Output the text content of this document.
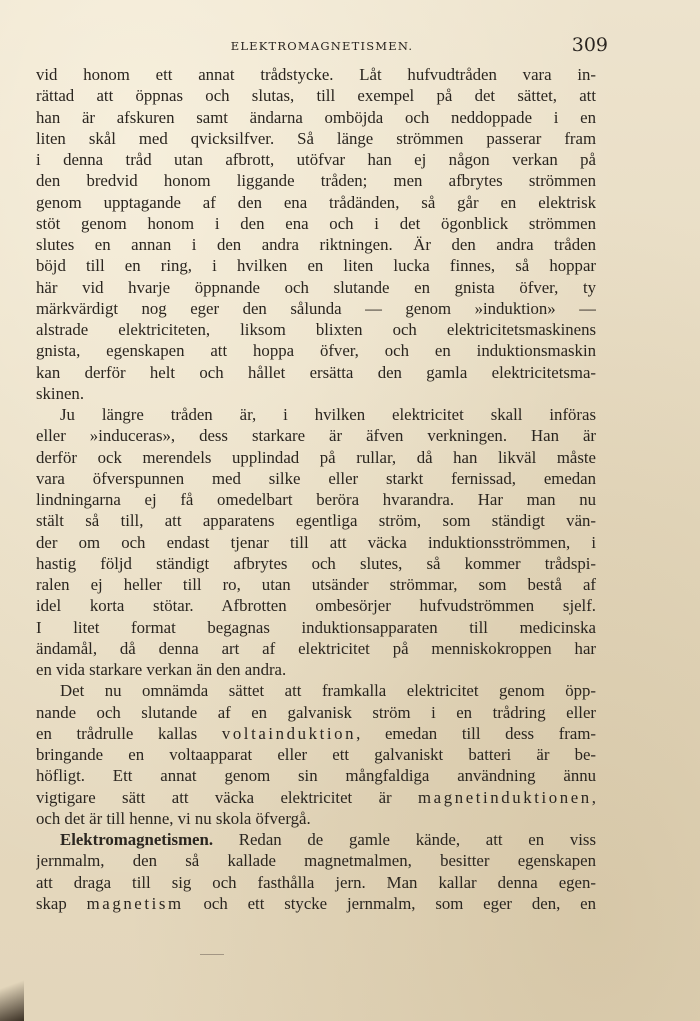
ELEKTROMAGNETISMEN.	309
vid honom ett annat trådstycke. Låt hufvudtråden vara in-
rättad att öppnas och slutas, till exempel på det sättet, att
han är afskuren samt ändarna omböjda och neddoppade i en
liten skål med qvicksilfver. Så länge strömmen passerar fram
i denna tråd utan afbrott, utöfvar han ej någon verkan på
den bredvid honom liggande tråden; men afbrytes strömmen
genom upptagande af den ena trådänden, så går en elektrisk
stöt genom honom i den ena och i det ögonblick strömmen
slutes en annan i den andra riktningen. Är den andra tråden
böjd till en ring, i hvilken en liten lucka finnes, så hoppar
här vid hvarje öppnande och slutande en gnista öfver, ty
märkvärdigt nog eger den sålunda — genom »induktion» —
alstrade elektriciteten, liksom blixten och elektricitetsmaskinens
gnista, egenskapen att hoppa öfver, och en induktionsmaskin
kan derför helt och hållet ersätta den gamla elektricitetsma-
skinen.
Ju längre tråden är, i hvilken elektricitet skall införas
eller »induceras», dess starkare är äfven verkningen. Han är
derför ock merendels upplindad på rullar, då han likväl måste
vara öfverspunnen med silke eller starkt fernissad, emedan
lindningarna ej få omedelbart beröra hvarandra. Har man nu
stält så till, att apparatens egentliga ström, som ständigt vän-
der om och endast tjenar till att väcka induktionsströmmen, i
hastig följd ständigt afbrytes och slutes, så kommer trådspi-
ralen ej heller till ro, utan utsänder strömmar, som bestå af
idel korta stötar. Afbrotten ombesörjer hufvudströmmen sjelf.
I litet format begagnas induktionsapparaten till medicinska
ändamål, då denna art af elektricitet på menniskokroppen har
en vida starkare verkan än den andra.
Det nu omnämda sättet att framkalla elektricitet genom öpp-
nande och slutande af en galvanisk ström i en trådring eller
en trådrulle kallas voltainduktion, emedan till dess fram-
bringande en voltaapparat eller ett galvaniskt batteri är be-
höfligt. Ett annat genom sin mångfaldiga användning ännu
vigtigare sätt att väcka elektricitet är magnetinduktionen,
och det är till henne, vi nu skola öfvergå.
Elektromagnetismen. Redan de gamle kände, att en viss
jernmalm, den så kallade magnetmalmen, besitter egenskapen
att draga till sig och fasthålla jern. Man kallar denna egen-
skap magnetism och ett stycke jernmalm, som eger den, en
